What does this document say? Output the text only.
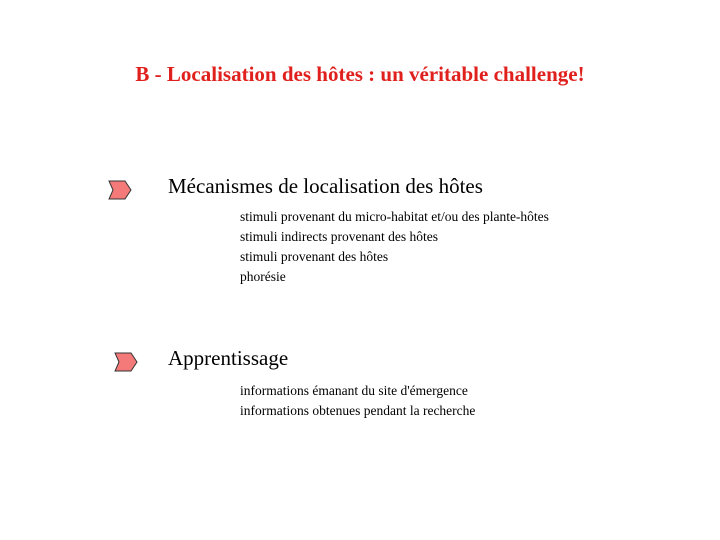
B - Localisation des hôtes : un véritable challenge!
Mécanismes de localisation des hôtes
stimuli provenant du micro-habitat et/ou des plante-hôtes
stimuli indirects provenant des hôtes
stimuli provenant des hôtes
phorésie
Apprentissage
informations émanant du site d'émergence
informations obtenues pendant la recherche
